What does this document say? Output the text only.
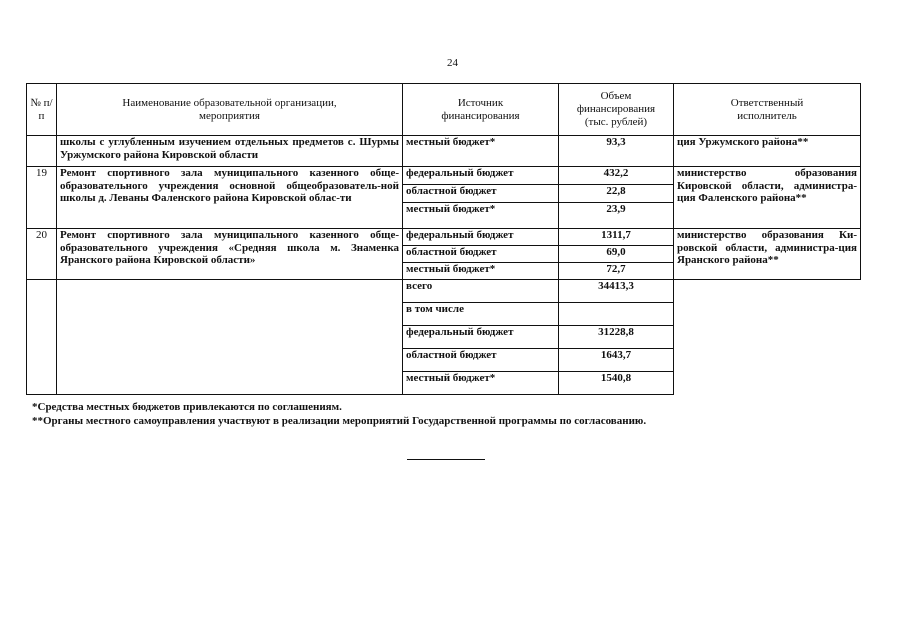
24
№ п/п	Наименование образовательной организации, мероприятия	Источник финансирования	Объем финансирования (тыс. рублей)	Ответственный исполнитель
	школы с углубленным изучением отдельных предметов с. Шурмы Уржумского района Кировской области	местный бюджет*	93,3	ция Уржумского района**
19	Ремонт спортивного зала муниципального казенного обще-образовательного учреждения основной общеобразователь-ной школы д. Леваны Фаленского района Кировской облас-ти	федеральный бюджет	432,2	министерство образования Кировской области, администра-ция Фаленского района**
		областной бюджет	22,8	
		местный бюджет*	23,9	
20	Ремонт спортивного зала муниципального казенного обще-образовательного учреждения «Средняя школа м. Знаменка Яранского района Кировской области»	федеральный бюджет	1311,7	министерство образования Ки-ровской области, администра-ция Яранского района**
		областной бюджет	69,0	
		местный бюджет*	72,7	
		всего	34413,3	
		в том числе		
		федеральный бюджет	31228,8	
		областной бюджет	1643,7	
		местный бюджет*	1540,8	
*Средства местных бюджетов привлекаются по соглашениям.
**Органы местного самоуправления участвуют в реализации мероприятий Государственной программы по согласованию.
